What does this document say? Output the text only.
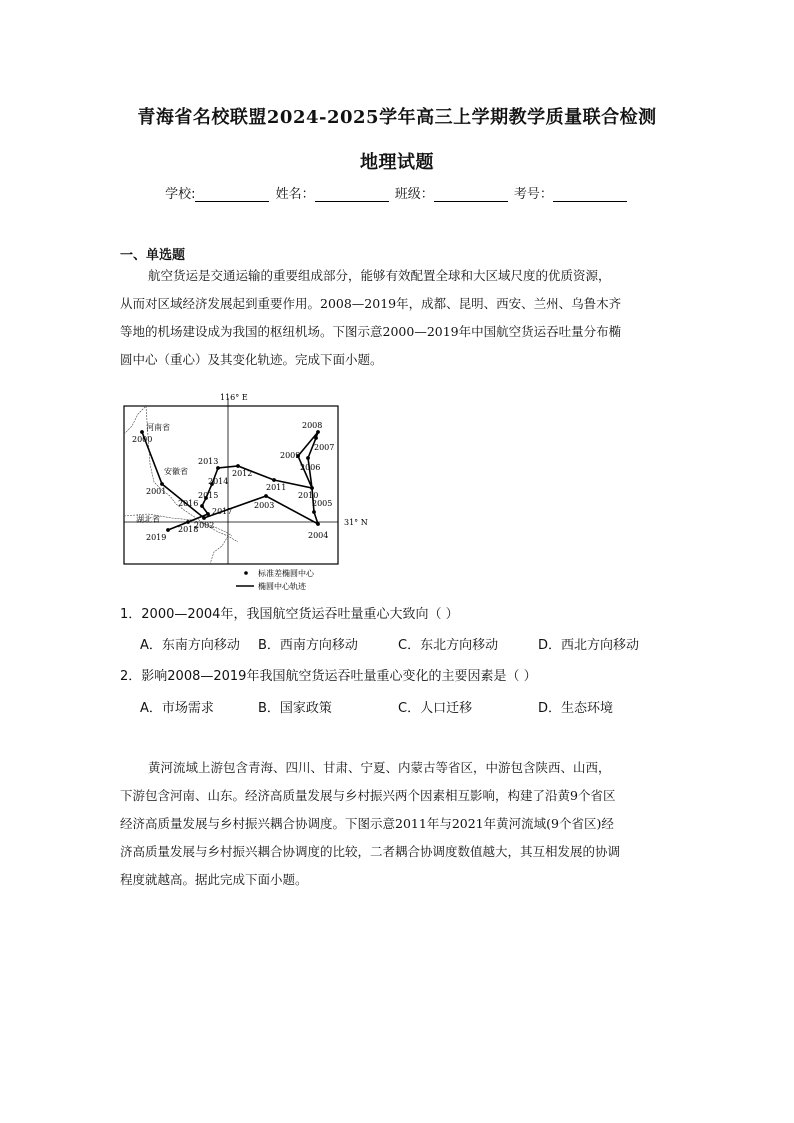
青海省名校联盟2024-2025学年高三上学期教学质量联合检测
地理试题
学校:	姓名：	班级：	考号：
一、单选题

航空货运是交通运输的重要组成部分，能够有效配置全球和大区域尺度的优质资源，

从而对区域经济发展起到重要作用。2008—2019年，成都、昆明、西安、兰州、乌鲁木齐

等地的机场建设成为我国的枢纽机场。下图示意2000—2019年中国航空货运吞吐量分布椭

圆中心（重心）及其变化轨迹。完成下面小题。

116° E
31° N
河南省
安徽省
湖北省
2000
2001
2002
2003
2004
2005
2006
2007
2008
2009
2010
2011
2012
2013
2014
2015
2016
2017
2018
2019
标准差椭圆中心
椭圆中心轨迹
1．2000—2004年，我国航空货运吞吐量重心大致向（ ）
A．东南方向移动 B．西南方向移动	C．东北方向移动	D．西北方向移动
2．影响2008—2019年我国航空货运吞吐量重心变化的主要因素是（ ）
A．市场需求	B．国家政策	C．人口迁移	D．生态环境

黄河流域上游包含青海、四川、甘肃、宁夏、内蒙古等省区，中游包含陕西、山西，

下游包含河南、山东。经济高质量发展与乡村振兴两个因素相互影响，构建了沿黄9个省区

经济高质量发展与乡村振兴耦合协调度。下图示意2011年与2021年黄河流域(9个省区)经

济高质量发展与乡村振兴耦合协调度的比较，二者耦合协调度数值越大，其互相发展的协调

程度就越高。据此完成下面小题。
